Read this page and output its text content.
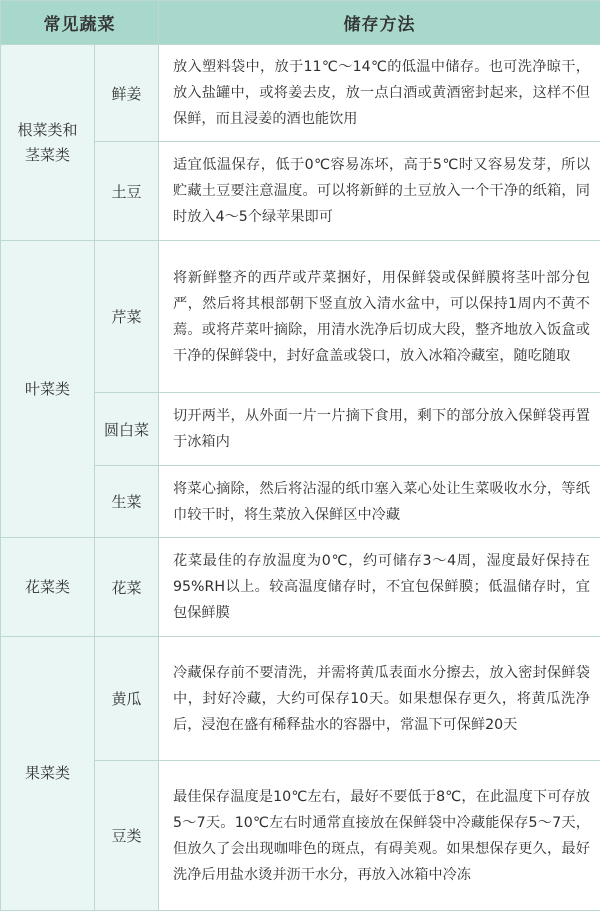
常见蔬菜		储存方法
根菜类和
茎菜类	鲜姜	放入塑料袋中，放于11℃～14℃的低温中储存。也可洗净晾干，放入盐罐中，或将姜去皮，放一点白酒或黄酒密封起来，这样不但保鲜，而且浸姜的酒也能饮用
	土豆	适宜低温保存，低于0℃容易冻坏，高于5℃时又容易发芽，所以贮藏土豆要注意温度。可以将新鲜的土豆放入一个干净的纸箱，同时放入4～5个绿苹果即可
叶菜类	芹菜	将新鲜整齐的西芹或芹菜捆好，用保鲜袋或保鲜膜将茎叶部分包严，然后将其根部朝下竖直放入清水盆中，可以保持1周内不黄不蔫。或将芹菜叶摘除，用清水洗净后切成大段，整齐地放入饭盒或干净的保鲜袋中，封好盒盖或袋口，放入冰箱冷藏室，随吃随取
	圆白菜	切开两半，从外面一片一片摘下食用，剩下的部分放入保鲜袋再置于冰箱内
	生菜	将菜心摘除，然后将沾湿的纸巾塞入菜心处让生菜吸收水分，等纸巾较干时，将生菜放入保鲜区中冷藏
花菜类	花菜	花菜最佳的存放温度为0℃，约可储存3～4周，湿度最好保持在95%RH以上。较高温度储存时，不宜包保鲜膜；低温储存时，宜包保鲜膜
果菜类	黄瓜	冷藏保存前不要清洗，并需将黄瓜表面水分擦去，放入密封保鲜袋中，封好冷藏，大约可保存10天。如果想保存更久，将黄瓜洗净后，浸泡在盛有稀释盐水的容器中，常温下可保鲜20天
	豆类	最佳保存温度是10℃左右，最好不要低于8℃，在此温度下可存放5～7天。10℃左右时通常直接放在保鲜袋中冷藏能保存5～7天，但放久了会出现咖啡色的斑点，有碍美观。如果想保存更久，最好洗净后用盐水烫并沥干水分，再放入冰箱中冷冻
